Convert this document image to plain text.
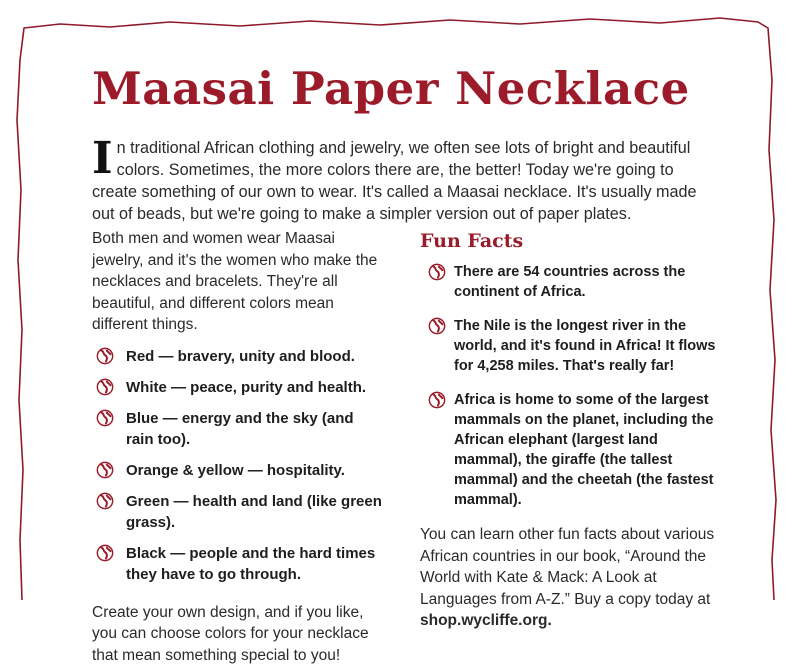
Maasai Paper Necklace
In traditional African clothing and jewelry, we often see lots of bright and beautiful colors. Sometimes, the more colors there are, the better! Today we're going to create something of our own to wear. It's called a Maasai necklace. It's usually made out of beads, but we're going to make a simpler version out of paper plates.

Both men and women wear Maasai jewelry, and it's the women who make the necklaces and bracelets. They're all beautiful, and different colors mean different things.

Red — bravery, unity and blood.
White — peace, purity and health.
Blue — energy and the sky (and rain too).
Orange & yellow — hospitality.
Green — health and land (like green grass).
Black — people and the hard times they have to go through.

Create your own design, and if you like, you can choose colors for your necklace that mean something special to you!

Fun Facts
There are 54 countries across the continent of Africa.
The Nile is the longest river in the world, and it's found in Africa! It flows for 4,258 miles. That's really far!
Africa is home to some of the largest mammals on the planet, including the African elephant (largest land mammal), the giraffe (the tallest mammal) and the cheetah (the fastest mammal).

You can learn other fun facts about various African countries in our book, “Around the World with Kate & Mack: A Look at Languages from A-Z.” Buy a copy today at shop.wycliffe.org.
